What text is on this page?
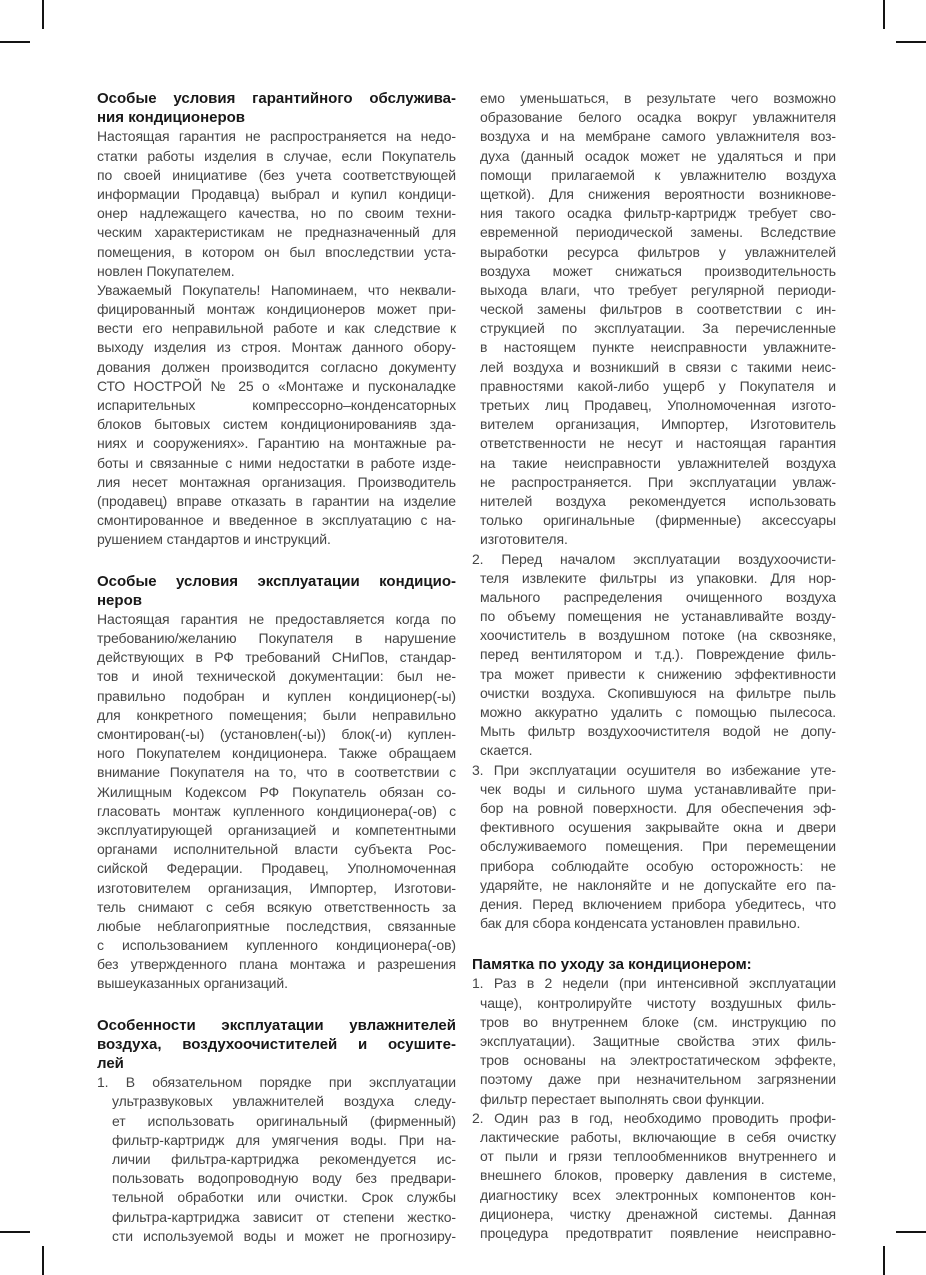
Особые условия гарантийного обслужива-
ния кондиционеров
Настоящая гарантия не распространяется на недо-
статки работы изделия в случае, если Покупатель
по своей инициативе (без учета соответствующей
информации Продавца) выбрал и купил кондици-
онер надлежащего качества, но по своим техни-
ческим характеристикам не предназначенный для
помещения, в котором он был впоследствии уста-
новлен Покупателем.
Уважаемый Покупатель! Напоминаем, что неквали-
фицированный монтаж кондиционеров может при-
вести его неправильной работе и как следствие к
выходу изделия из строя. Монтаж данного обору-
дования должен производится согласно документу
СТО НОСТРОЙ № 25 о «Монтаже и пусконаладке
испарительных компрессорно–конденсаторных
блоков бытовых систем кондиционированияв зда-
ниях и сооружениях». Гарантию на монтажные ра-
боты и связанные с ними недостатки в работе изде-
лия несет монтажная организация. Производитель
(продавец) вправе отказать в гарантии на изделие
смонтированное и введенное в эксплуатацию с на-
рушением стандартов и инструкций.
Особые условия эксплуатации кондицио-
неров
Настоящая гарантия не предоставляется когда по
требованию/желанию Покупателя в нарушение
действующих в РФ требований СНиПов, стандар-
тов и иной технической документации: был не-
правильно подобран и куплен кондиционер(-ы)
для конкретного помещения; были неправильно
смонтирован(-ы) (установлен(-ы)) блок(-и) куплен-
ного Покупателем кондиционера. Также обращаем
внимание Покупателя на то, что в соответствии с
Жилищным Кодексом РФ Покупатель обязан со-
гласовать монтаж купленного кондиционера(-ов) с
эксплуатирующей организацией и компетентными
органами исполнительной власти субъекта Рос-
сийской Федерации. Продавец, Уполномоченная
изготовителем организация, Импортер, Изготови-
тель снимают с себя всякую ответственность за
любые неблагоприятные последствия, связанные
с использованием купленного кондиционера(-ов)
без утвержденного плана монтажа и разрешения
вышеуказанных организаций.
Особенности эксплуатации увлажнителей
воздуха, воздухоочистителей и осушите-
лей
1. В обязательном порядке при эксплуатации
ультразвуковых увлажнителей воздуха следу-
ет использовать оригинальный (фирменный)
фильтр-картридж для умягчения воды. При на-
личии фильтра-картриджа рекомендуется ис-
пользовать водопроводную воду без предвари-
тельной обработки или очистки. Срок службы
фильтра-картриджа зависит от степени жестко-
сти используемой воды и может не прогнозиру-
емо уменьшаться, в результате чего возможно
образование белого осадка вокруг увлажнителя
воздуха и на мембране самого увлажнителя воз-
духа (данный осадок может не удаляться и при
помощи прилагаемой к увлажнителю воздуха
щеткой). Для снижения вероятности возникнове-
ния такого осадка фильтр-картридж требует сво-
евременной периодической замены. Вследствие
выработки ресурса фильтров у увлажнителей
воздуха может снижаться производительность
выхода влаги, что требует регулярной периоди-
ческой замены фильтров в соответствии с ин-
струкцией по эксплуатации. За перечисленные
в настоящем пункте неисправности увлажните-
лей воздуха и возникший в связи с такими неис-
правностями какой-либо ущерб у Покупателя и
третьих лиц Продавец, Уполномоченная изгото-
вителем организация, Импортер, Изготовитель
ответственности не несут и настоящая гарантия
на такие неисправности увлажнителей воздуха
не распространяется. При эксплуатации увлаж-
нителей воздуха рекомендуется использовать
только оригинальные (фирменные) аксессуары
изготовителя.
2. Перед началом эксплуатации воздухоочисти-
теля извлеките фильтры из упаковки. Для нор-
мального распределения очищенного воздуха
по объему помещения не устанавливайте возду-
хоочиститель в воздушном потоке (на сквозняке,
перед вентилятором и т.д.). Повреждение филь-
тра может привести к снижению эффективности
очистки воздуха. Скопившуюся на фильтре пыль
можно аккуратно удалить с помощью пылесоса.
Мыть фильтр воздухоочистителя водой не допу-
скается.
3. При эксплуатации осушителя во избежание уте-
чек воды и сильного шума устанавливайте при-
бор на ровной поверхности. Для обеспечения эф-
фективного осушения закрывайте окна и двери
обслуживаемого помещения. При перемещении
прибора соблюдайте особую осторожность: не
ударяйте, не наклоняйте и не допускайте его па-
дения. Перед включением прибора убедитесь, что
бак для сбора конденсата установлен правильно.
Памятка по уходу за кондиционером:
1. Раз в 2 недели (при интенсивной эксплуатации
чаще), контролируйте чистоту воздушных филь-
тров во внутреннем блоке (см. инструкцию по
эксплуатации). Защитные свойства этих филь-
тров основаны на электростатическом эффекте,
поэтому даже при незначительном загрязнении
фильтр перестает выполнять свои функции.
2. Один раз в год, необходимо проводить профи-
лактические работы, включающие в себя очистку
от пыли и грязи теплообменников внутреннего и
внешнего блоков, проверку давления в системе,
диагностику всех электронных компонентов кон-
диционера, чистку дренажной системы. Данная
процедура предотвратит появление неисправно-
